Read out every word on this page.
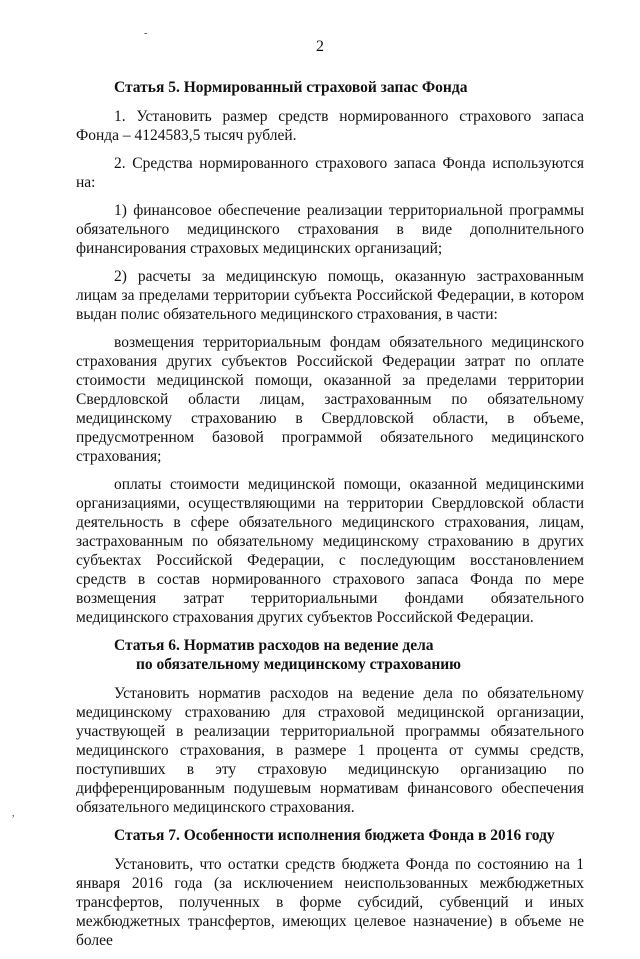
-
2
Статья 5. Нормированный страховой запас Фонда

1. Установить размер средств нормированного страхового запаса Фонда – 4124583,5 тысяч рублей.

2. Средства нормированного страхового запаса Фонда используются на:

1) финансовое обеспечение реализации территориальной программы обязательного медицинского страхования в виде дополнительного финансирования страховых медицинских организаций;

2) расчеты за медицинскую помощь, оказанную застрахованным лицам за пределами территории субъекта Российской Федерации, в котором выдан полис обязательного медицинского страхования, в части:

возмещения территориальным фондам обязательного медицинского страхования других субъектов Российской Федерации затрат по оплате стоимости медицинской помощи, оказанной за пределами территории Свердловской области лицам, застрахованным по обязательному медицинскому страхованию в Свердловской области, в объеме, предусмотренном базовой программой обязательного медицинского страхования;

оплаты стоимости медицинской помощи, оказанной медицинскими организациями, осуществляющими на территории Свердловской области деятельность в сфере обязательного медицинского страхования, лицам, застрахованным по обязательному медицинскому страхованию в других субъектах Российской Федерации, с последующим восстановлением средств в состав нормированного страхового запаса Фонда по мере возмещения затрат территориальными фондами обязательного медицинского страхования других субъектов Российской Федерации.

Статья 6. Норматив расходов на ведение дела
по обязательному медицинскому страхованию

Установить норматив расходов на ведение дела по обязательному медицинскому страхованию для страховой медицинской организации, участвующей в реализации территориальной программы обязательного медицинского страхования, в размере 1 процента от суммы средств, поступивших в эту страховую медицинскую организацию по дифференцированным подушевым нормативам финансового обеспечения обязательного медицинского страхования.

Статья 7. Особенности исполнения бюджета Фонда в 2016 году

Установить, что остатки средств бюджета Фонда по состоянию на 1 января 2016 года (за исключением неиспользованных межбюджетных трансфертов, полученных в форме субсидий, субвенций и иных межбюджетных трансфертов, имеющих целевое назначение) в объеме не более

,
